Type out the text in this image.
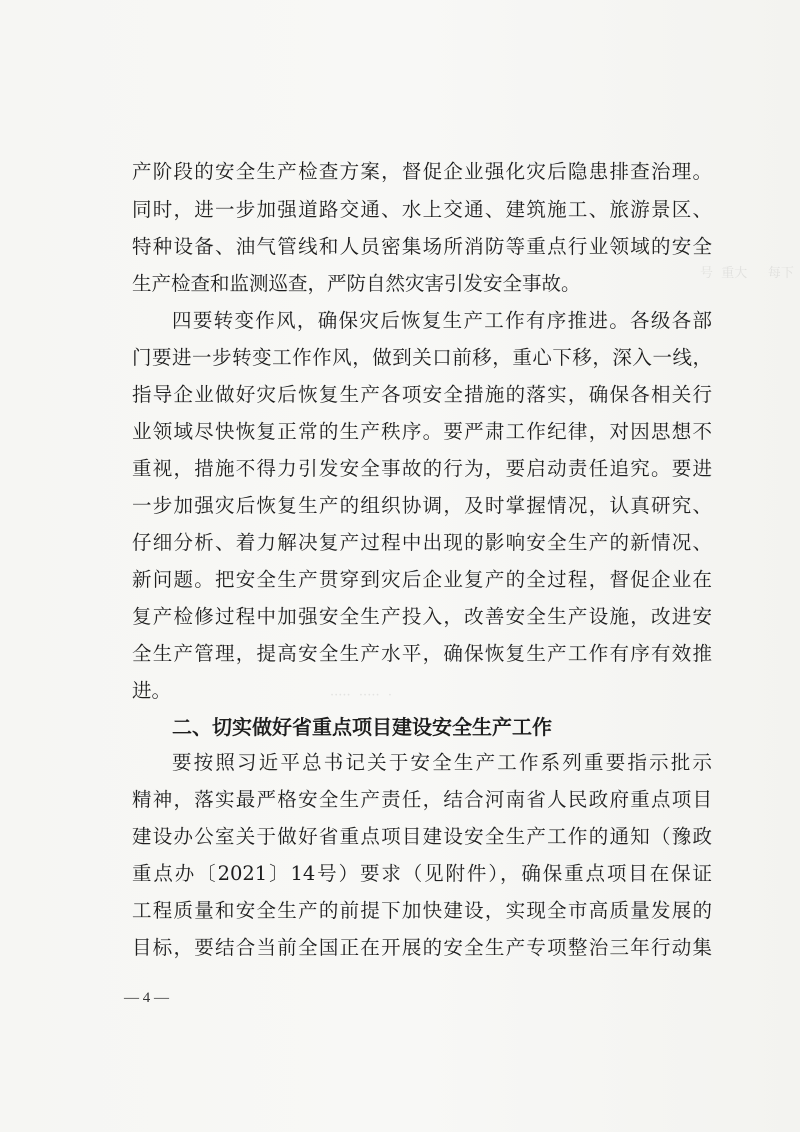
号  重大     每下
·····  ·····  ·
产阶段的安全生产检查方案，督促企业强化灾后隐患排查治理。
同时，进一步加强道路交通、水上交通、建筑施工、旅游景区、
特种设备、油气管线和人员密集场所消防等重点行业领域的安全
生产检查和监测巡查，严防自然灾害引发安全事故。
四要转变作风，确保灾后恢复生产工作有序推进。各级各部
门要进一步转变工作作风，做到关口前移，重心下移，深入一线，
指导企业做好灾后恢复生产各项安全措施的落实，确保各相关行
业领域尽快恢复正常的生产秩序。要严肃工作纪律，对因思想不
重视，措施不得力引发安全事故的行为，要启动责任追究。要进
一步加强灾后恢复生产的组织协调，及时掌握情况，认真研究、
仔细分析、着力解决复产过程中出现的影响安全生产的新情况、
新问题。把安全生产贯穿到灾后企业复产的全过程，督促企业在
复产检修过程中加强安全生产投入，改善安全生产设施，改进安
全生产管理，提高安全生产水平，确保恢复生产工作有序有效推
进。
二、切实做好省重点项目建设安全生产工作
要按照习近平总书记关于安全生产工作系列重要指示批示
精神，落实最严格安全生产责任，结合河南省人民政府重点项目
建设办公室关于做好省重点项目建设安全生产工作的通知（豫政
重点办〔2021〕14号）要求（见附件），确保重点项目在保证
工程质量和安全生产的前提下加快建设，实现全市高质量发展的
目标，要结合当前全国正在开展的安全生产专项整治三年行动集
— 4 —
